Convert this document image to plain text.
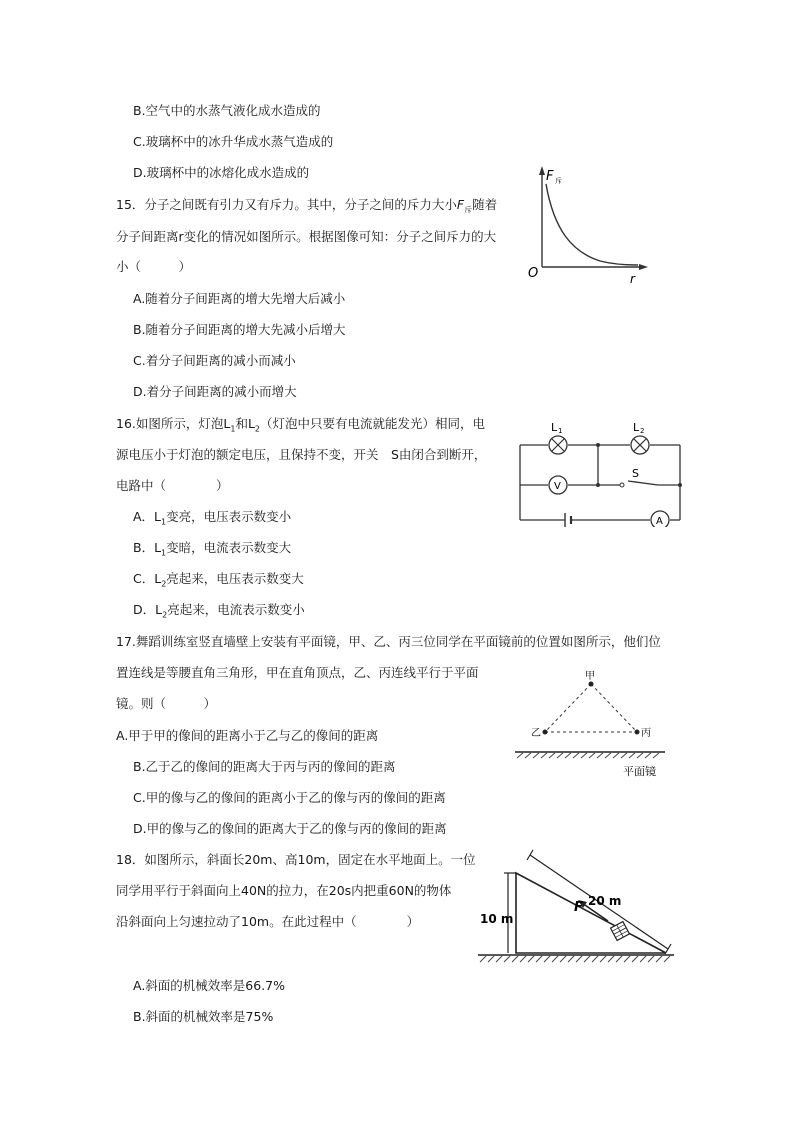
B.空气中的水蒸气液化成水造成的
C.玻璃杯中的冰升华成水蒸气造成的
D.玻璃杯中的冰熔化成水造成的
15．分子之间既有引力又有斥力。其中，分子之间的斥力大小$F_斥$随着
分子间距离r变化的情况如图所示。根据图像可知：分子之间斥力的大
小（　　　）
A.随着分子间距离的增大先增大后减小
B.随着分子间距离的增大先减小后增大
C.着分子间距离的减小而减小
D.着分子间距离的减小而增大
F 斥
O	r
16.如图所示，灯泡$L_1$和$L_2$（灯泡中只要有电流就能发光）相同，电
源电压小于灯泡的额定电压，且保持不变，开关　S由闭合到断开，
电路中（　　　　）
A．$L_1$变亮，电压表示数变小
B．$L_1$变暗，电流表示数变大
C．$L_2$亮起来，电压表示数变大
D．$L_2$亮起来，电流表示数变小
L 1	L 2
V
S
A
17.舞蹈训练室竖直墙壁上安装有平面镜，甲、乙、丙三位同学在平面镜前的位置如图所示，他们位
置连线是等腰直角三角形，甲在直角顶点，乙、丙连线平行于平面
镜。则（　　　）
A.甲于甲的像间的距离小于乙与乙的像间的距离
B.乙于乙的像间的距离大于丙与丙的像间的距离
C.甲的像与乙的像间的距离小于乙的像与丙的像间的距离
D.甲的像与乙的像间的距离大于乙的像与丙的像间的距离
甲
乙	丙
平面镜
18．如图所示，斜面长20m、高10m，固定在水平地面上。一位
同学用平行于斜面向上40N的拉力，在20s内把重60N的物体
沿斜面向上匀速拉动了10m。在此过程中（　　　　）
A.斜面的机械效率是66.7%
B.斜面的机械效率是75%
10 m
20 m
F
